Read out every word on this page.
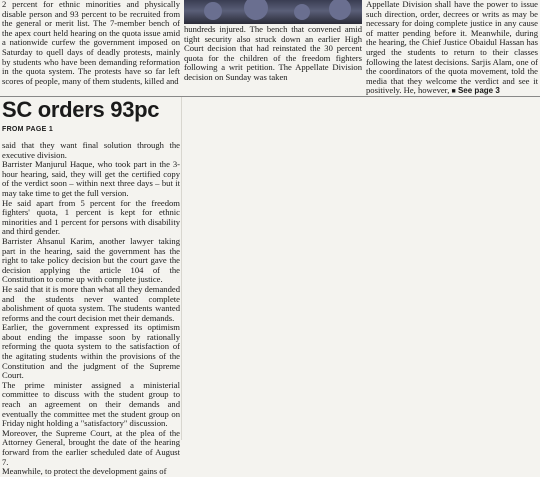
2 percent for ethnic minorities and physically disable person and 93 percent to be recruited from the general or merit list. The 7-member bench of the apex court held hearing on the quota issue amid a nationwide curfew the government imposed on Saturday to quell days of deadly protests, mainly by students who have been demanding reformation in the quota system. The protests have so far left scores of people, many of them students, killed and
hundreds injured. The bench that convened amid tight security also struck down an earlier High Court decision that had reinstated the 30 percent quota for the children of the freedom fighters following a writ petition. The Appellate Division decision on Sunday was taken
Appellate Division shall have the power to issue such direction, order, decrees or writs as may be necessary for doing complete justice in any cause of matter pending before it. Meanwhile, during the hearing, the Chief Justice Obaidul Hassan has urged the students to return to their classes following the latest decisions. Sarjis Alam, one of the coordinators of the quota movement, told the media that they welcome the verdict and see it positively. He, however, ■ See page 3
SC orders 93pc
FROM PAGE 1

said that they want final solution through the executive division.

Barrister Manjurul Haque, who took part in the 3-hour hearing, said, they will get the certified copy of the verdict soon – within next three days – but it may take time to get the full version.

He said apart from 5 percent for the freedom fighters' quota, 1 percent is kept for ethnic minorities and 1 percent for persons with disability and third gender.

Barrister Ahsanul Karim, another lawyer taking part in the hearing, said the government has the right to take policy decision but the court gave the decision applying the article 104 of the Constitution to come up with complete justice.

He said that it is more than what all they demanded and the students never wanted complete abolishment of quota system. The students wanted reforms and the court decision met their demands.

Earlier, the government expressed its optimism about ending the impasse soon by rationally reforming the quota system to the satisfaction of the agitating students within the provisions of the Constitution and the judgment of the Supreme Court.

The prime minister assigned a ministerial committee to discuss with the student group to reach an agreement on their demands and eventually the committee met the student group on Friday night holding a "satisfactory" discussion.

Moreover, the Supreme Court, at the plea of the Attorney General, brought the date of the hearing forward from the earlier scheduled date of August 7.

Meanwhile, to protect the development gains of
